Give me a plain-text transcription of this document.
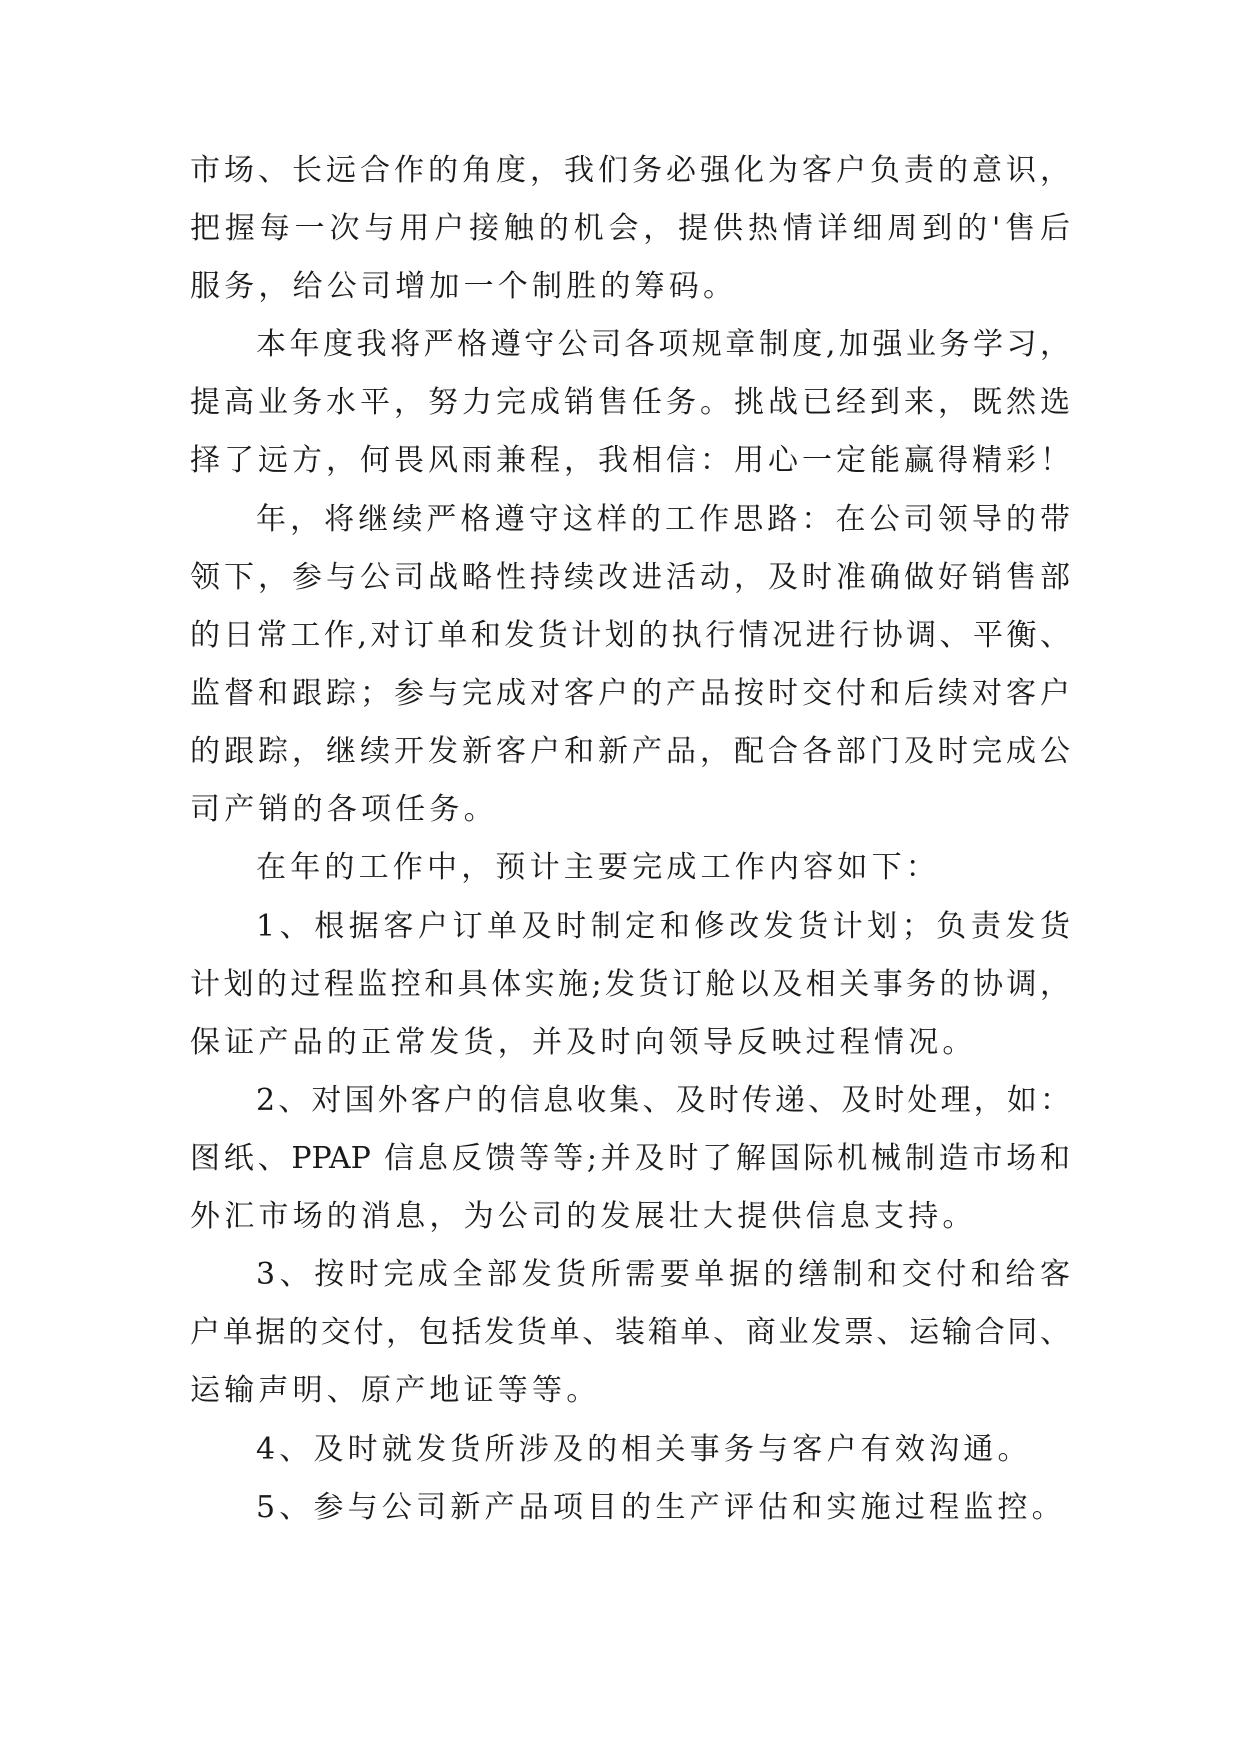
市场、长远合作的角度，我们务必强化为客户负责的意识，
把握每一次与用户接触的机会，提供热情详细周到的'售后
服务，给公司增加一个制胜的筹码。
本年度我将严格遵守公司各项规章制度,加强业务学习，
提高业务水平，努力完成销售任务。挑战已经到来，既然选
择了远方，何畏风雨兼程，我相信：用心一定能赢得精彩！
年，将继续严格遵守这样的工作思路：在公司领导的带
领下，参与公司战略性持续改进活动，及时准确做好销售部
的日常工作,对订单和发货计划的执行情况进行协调、平衡、
监督和跟踪；参与完成对客户的产品按时交付和后续对客户
的跟踪，继续开发新客户和新产品，配合各部门及时完成公
司产销的各项任务。
在年的工作中，预计主要完成工作内容如下：
1、根据客户订单及时制定和修改发货计划；负责发货
计划的过程监控和具体实施;发货订舱以及相关事务的协调，
保证产品的正常发货，并及时向领导反映过程情况。
2、对国外客户的信息收集、及时传递、及时处理，如：
图纸、PPAP 信息反馈等等;并及时了解国际机械制造市场和
外汇市场的消息，为公司的发展壮大提供信息支持。
3、按时完成全部发货所需要单据的缮制和交付和给客
户单据的交付，包括发货单、装箱单、商业发票、运输合同、
运输声明、原产地证等等。
4、及时就发货所涉及的相关事务与客户有效沟通。
5、参与公司新产品项目的生产评估和实施过程监控。
